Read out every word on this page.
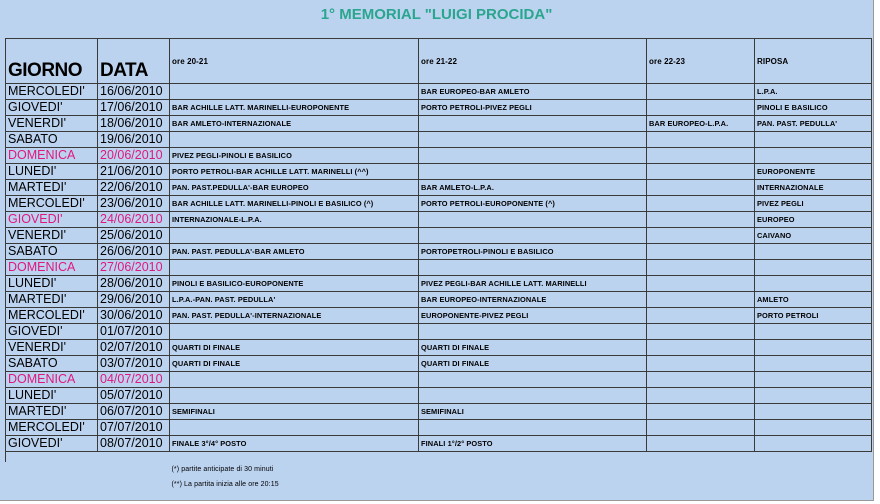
1° MEMORIAL "LUIGI PROCIDA"
GIORNO	DATA	ore 20-21	ore 21-22	ore 22-23	RIPOSA
MERCOLEDI'	16/06/2010		BAR EUROPEO-BAR AMLETO		L.P.A.
GIOVEDI'	17/06/2010	BAR ACHILLE LATT. MARINELLI-EUROPONENTE	PORTO PETROLI-PIVEZ PEGLI		PINOLI E BASILICO
VENERDI'	18/06/2010	BAR AMLETO-INTERNAZIONALE		BAR EUROPEO-L.P.A.	PAN. PAST. PEDULLA'
SABATO	19/06/2010				
DOMENICA	20/06/2010	PIVEZ PEGLI-PINOLI E BASILICO			
LUNEDI'	21/06/2010	PORTO PETROLI-BAR ACHILLE LATT. MARINELLI (^^)			EUROPONENTE
MARTEDI'	22/06/2010	PAN. PAST.PEDULLA'-BAR EUROPEO	BAR AMLETO-L.P.A.		INTERNAZIONALE
MERCOLEDI'	23/06/2010	BAR ACHILLE LATT. MARINELLI-PINOLI E BASILICO (^)	PORTO PETROLI-EUROPONENTE (^)		PIVEZ PEGLI
GIOVEDI'	24/06/2010	INTERNAZIONALE-L.P.A.			EUROPEO
VENERDI'	25/06/2010				CAIVANO
SABATO	26/06/2010	PAN. PAST. PEDULLA'-BAR AMLETO	PORTOPETROLI-PINOLI E BASILICO		
DOMENICA	27/06/2010				
LUNEDI'	28/06/2010	PINOLI E BASILICO-EUROPONENTE	PIVEZ PEGLI-BAR ACHILLE LATT. MARINELLI		
MARTEDI'	29/06/2010	L.P.A.-PAN. PAST. PEDULLA'	BAR EUROPEO-INTERNAZIONALE		AMLETO
MERCOLEDI'	30/06/2010	PAN. PAST. PEDULLA'-INTERNAZIONALE	EUROPONENTE-PIVEZ PEGLI		PORTO PETROLI
GIOVEDI'	01/07/2010				
VENERDI'	02/07/2010	QUARTI DI FINALE	QUARTI DI FINALE		
SABATO	03/07/2010	QUARTI DI FINALE	QUARTI DI FINALE		
DOMENICA	04/07/2010				
LUNEDI'	05/07/2010				
MARTEDI'	06/07/2010	SEMIFINALI	SEMIFINALI		
MERCOLEDI'	07/07/2010				
GIOVEDI'	08/07/2010	FINALE 3°/4° POSTO	FINALI 1°/2° POSTO		

		(*) partite anticipate di 30 minuti			
		(**) La partita inizia alle ore 20:15			
